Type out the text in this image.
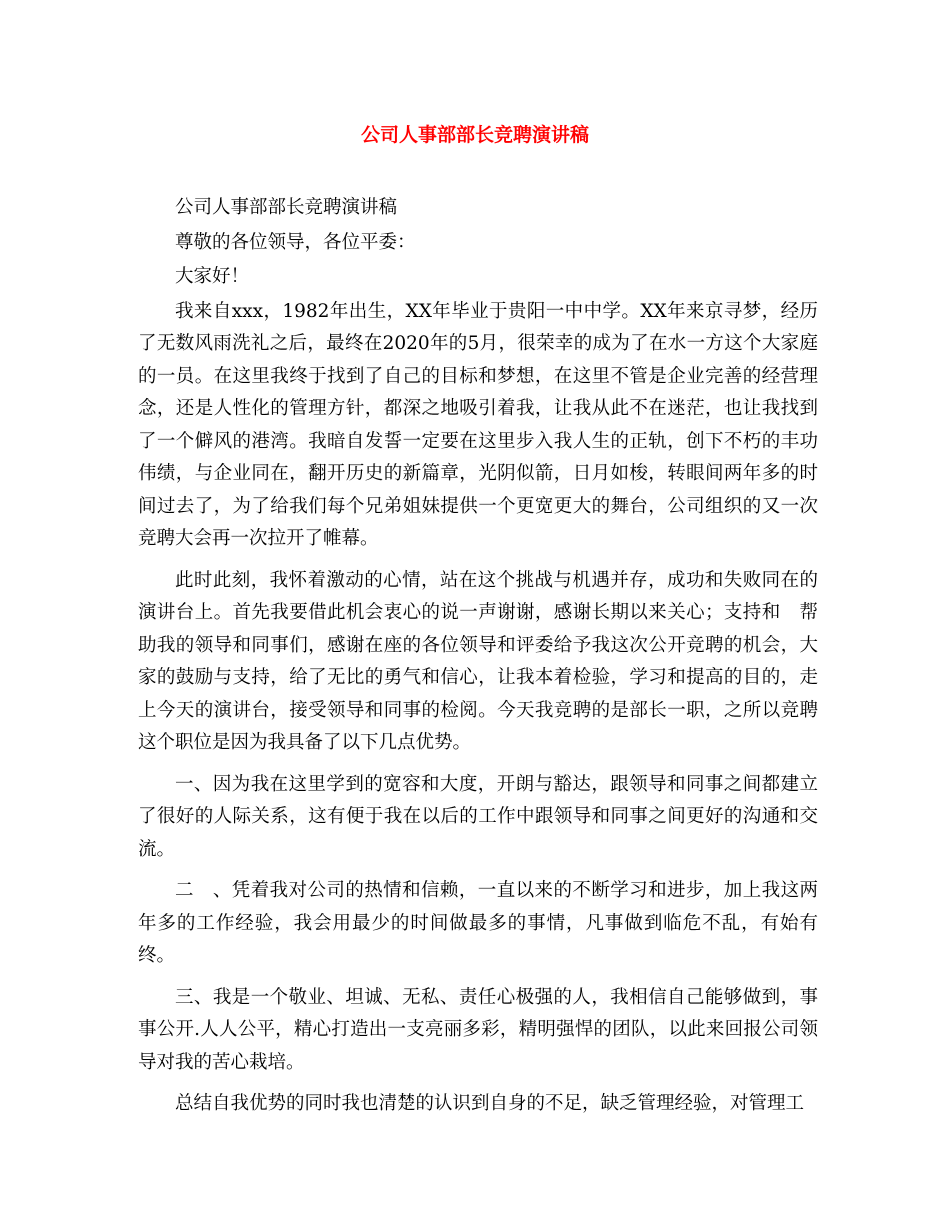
公司人事部部长竞聘演讲稿

公司人事部部长竞聘演讲稿

尊敬的各位领导，各位平委：

大家好！

我来自xxx，1982年出生，XX年毕业于贵阳一中中学。XX年来京寻梦，经历了无数风雨洗礼之后，最终在2020年的5月，很荣幸的成为了在水一方这个大家庭的一员。在这里我终于找到了自己的目标和梦想，在这里不管是企业完善的经营理念，还是人性化的管理方针，都深之地吸引着我，让我从此不在迷茫，也让我找到了一个僻风的港湾。我暗自发誓一定要在这里步入我人生的正轨，创下不朽的丰功伟绩，与企业同在，翻开历史的新篇章，光阴似箭，日月如梭，转眼间两年多的时间过去了，为了给我们每个兄弟姐妹提供一个更宽更大的舞台，公司组织的又一次竞聘大会再一次拉开了帷幕。

此时此刻，我怀着激动的心情，站在这个挑战与机遇并存，成功和失败同在的演讲台上。首先我要借此机会衷心的说一声谢谢，感谢长期以来关心；支持和　帮助我的领导和同事们，感谢在座的各位领导和评委给予我这次公开竞聘的机会，大家的鼓励与支持，给了无比的勇气和信心，让我本着检验，学习和提高的目的，走上今天的演讲台，接受领导和同事的检阅。今天我竞聘的是部长一职，之所以竞聘这个职位是因为我具备了以下几点优势。

一、因为我在这里学到的宽容和大度，开朗与豁达，跟领导和同事之间都建立了很好的人际关系，这有便于我在以后的工作中跟领导和同事之间更好的沟通和交流。

二　、凭着我对公司的热情和信赖，一直以来的不断学习和进步，加上我这两年多的工作经验，我会用最少的时间做最多的事情，凡事做到临危不乱，有始有终。

三、我是一个敬业、坦诚、无私、责任心极强的人，我相信自己能够做到，事事公开.人人公平，精心打造出一支亮丽多彩，精明强悍的团队，以此来回报公司领导对我的苦心栽培。

总结自我优势的同时我也清楚的认识到自身的不足，缺乏管理经验，对管理工
